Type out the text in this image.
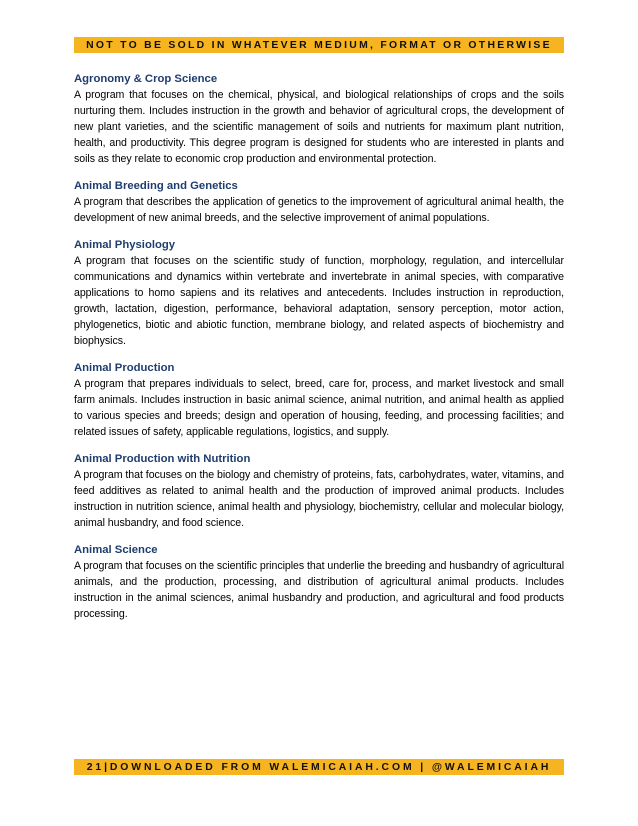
NOT TO BE SOLD IN WHATEVER MEDIUM, FORMAT OR OTHERWISE
Agronomy & Crop Science
A program that focuses on the chemical, physical, and biological relationships of crops and the soils nurturing them. Includes instruction in the growth and behavior of agricultural crops, the development of new plant varieties, and the scientific management of soils and nutrients for maximum plant nutrition, health, and productivity. This degree program is designed for students who are interested in plants and soils as they relate to economic crop production and environmental protection.
Animal Breeding and Genetics
A program that describes the application of genetics to the improvement of agricultural animal health, the development of new animal breeds, and the selective improvement of animal populations.
Animal Physiology
A program that focuses on the scientific study of function, morphology, regulation, and intercellular communications and dynamics within vertebrate and invertebrate in animal species, with comparative applications to homo sapiens and its relatives and antecedents. Includes instruction in reproduction, growth, lactation, digestion, performance, behavioral adaptation, sensory perception, motor action, phylogenetics, biotic and abiotic function, membrane biology, and related aspects of biochemistry and biophysics.
Animal Production
A program that prepares individuals to select, breed, care for, process, and market livestock and small farm animals. Includes instruction in basic animal science, animal nutrition, and animal health as applied to various species and breeds; design and operation of housing, feeding, and processing facilities; and related issues of safety, applicable regulations, logistics, and supply.
Animal Production with Nutrition
A program that focuses on the biology and chemistry of proteins, fats, carbohydrates, water, vitamins, and feed additives as related to animal health and the production of improved animal products. Includes instruction in nutrition science, animal health and physiology, biochemistry, cellular and molecular biology, animal husbandry, and food science.
Animal Science
A program that focuses on the scientific principles that underlie the breeding and husbandry of agricultural animals, and the production, processing, and distribution of agricultural animal products. Includes instruction in the animal sciences, animal husbandry and production, and agricultural and food products processing.
21|DOWNLOADED FROM WALEMICAIAH.COM | @WALEMICAIAH
